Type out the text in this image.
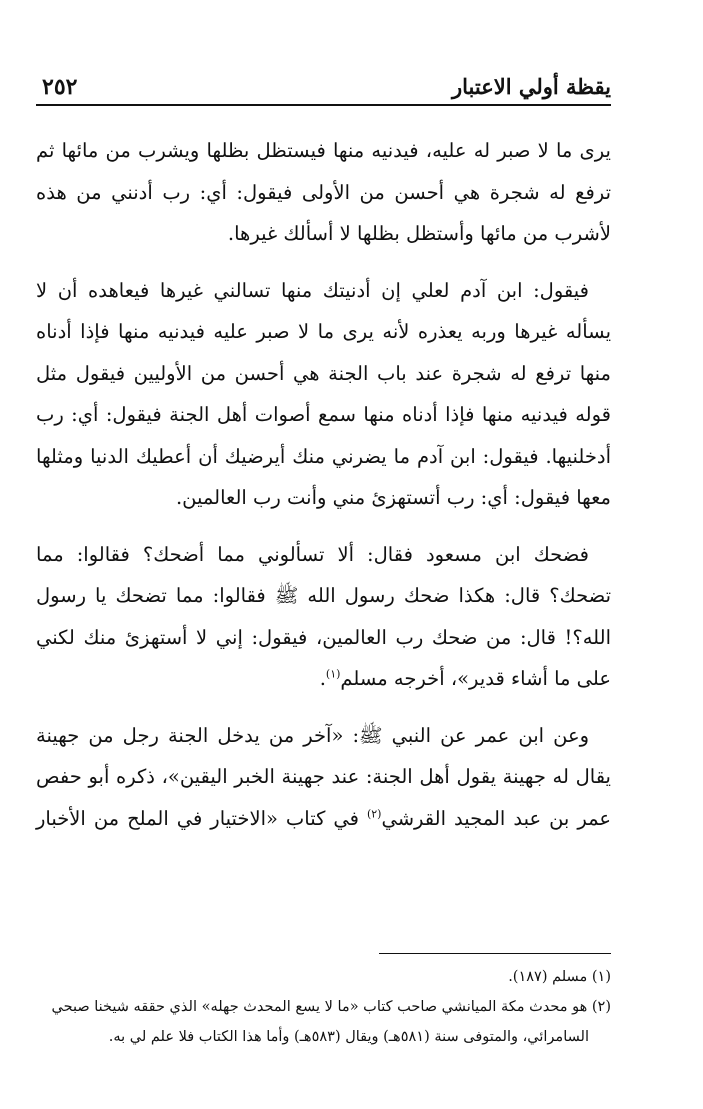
يقظة أولي الاعتبار
٢٥٢

يرى ما لا صبر له عليه، فيدنيه منها فيستظل بظلها ويشرب من مائها ثم ترفع له شجرة هي أحسن من الأولى فيقول: أي: رب أدنني من هذه لأشرب من مائها وأستظل بظلها لا أسألك غيرها.

فيقول: ابن آدم لعلي إن أدنيتك منها تسالني غيرها فيعاهده أن لا يسأله غيرها وربه يعذره لأنه يرى ما لا صبر عليه فيدنيه منها فإذا أدناه منها ترفع له شجرة عند باب الجنة هي أحسن من الأوليين فيقول مثل قوله فيدنيه منها فإذا أدناه منها سمع أصوات أهل الجنة فيقول: أي: رب أدخلنيها. فيقول: ابن آدم ما يضرني منك أيرضيك أن أعطيك الدنيا ومثلها معها فيقول: أي: رب أتستهزئ مني وأنت رب العالمين.

فضحك ابن مسعود فقال: ألا تسألوني مما أضحك؟ فقالوا: مما تضحك؟ قال: هكذا ضحك رسول الله ﷺ فقالوا: مما تضحك يا رسول الله؟! قال: من ضحك رب العالمين، فيقول: إني لا أستهزئ منك لكني على ما أشاء قدير»، أخرجه مسلم$^{(١)}$.

وعن ابن عمر عن النبي ﷺ: «آخر من يدخل الجنة رجل من جهينة يقال له جهينة يقول أهل الجنة: عند جهينة الخبر اليقين»، ذكره أبو حفص عمر بن عبد المجيد القرشي$^{(٢)}$ في كتاب «الاختيار في الملح من الأخبار

(١) مسلم (١٨٧).

(٢) هو محدث مكة الميانشي صاحب كتاب «ما لا يسع المحدث جهله» الذي حققه شيخنا صبحي

السامرائي، والمتوفى سنة (٥٨١هـ) ويقال (٥٨٣هـ) وأما هذا الكتاب فلا علم لي به.
